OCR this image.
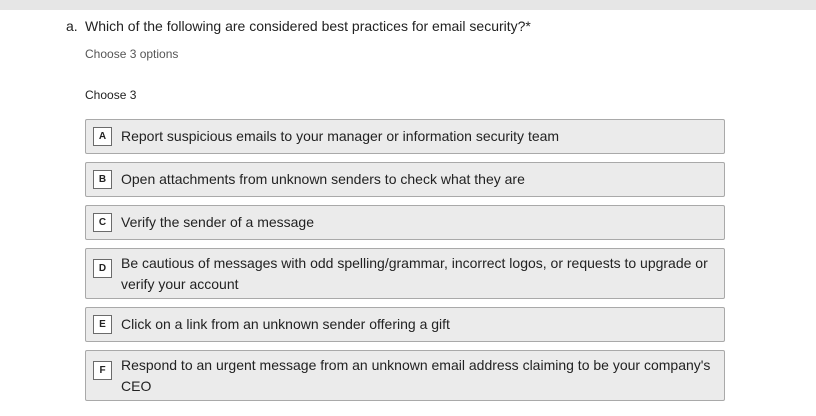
a. Which of the following are considered best practices for email security?*
Choose 3 options
Choose 3
A	Report suspicious emails to your manager or information security team
B	Open attachments from unknown senders to check what they are
C	Verify the sender of a message
D	Be cautious of messages with odd spelling/grammar, incorrect logos, or requests to upgrade or verify your account
E	Click on a link from an unknown sender offering a gift
F	Respond to an urgent message from an unknown email address claiming to be your company's CEO
